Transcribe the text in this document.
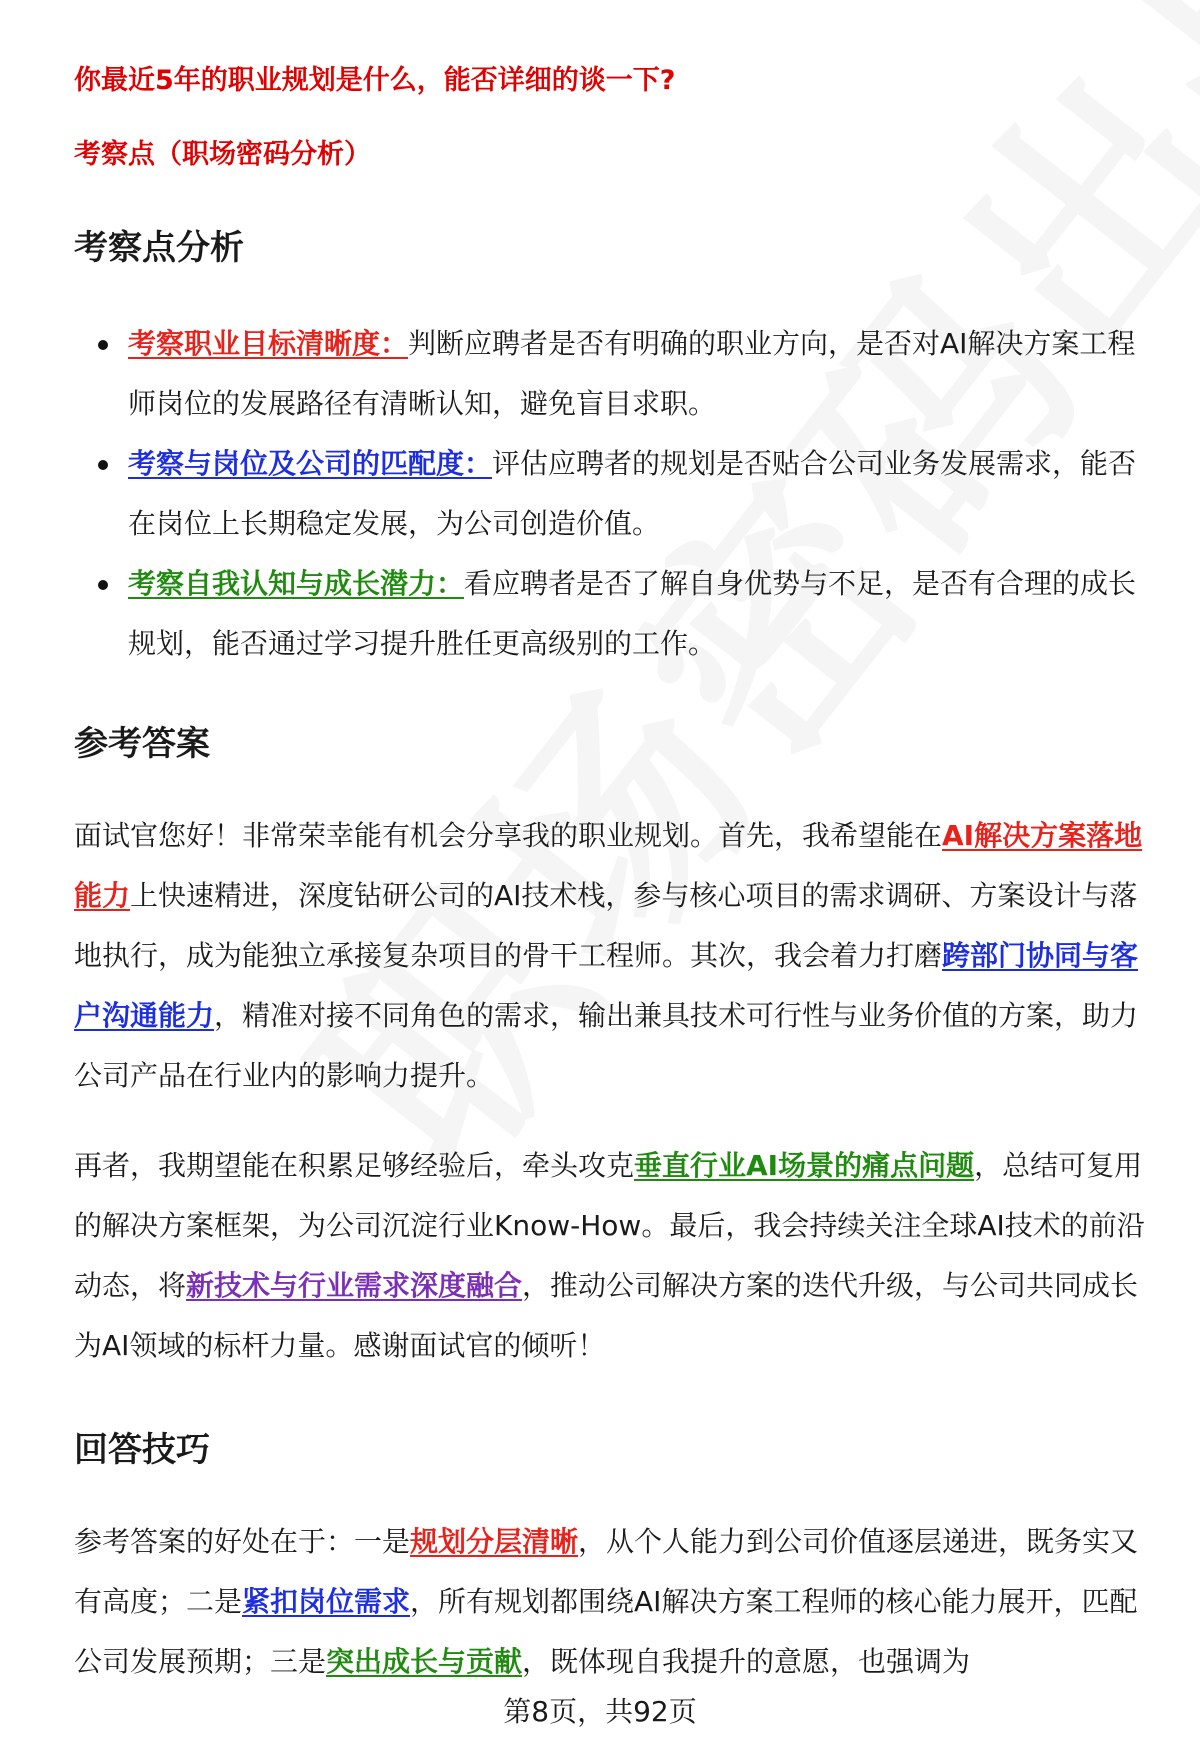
你最近5年的职业规划是什么，能否详细的谈一下?
考察点（职场密码分析）
考察点分析
考察职业目标清晰度：判断应聘者是否有明确的职业方向，是否对AI解决方案工程师岗位的发展路径有清晰认知，避免盲目求职。
考察与岗位及公司的匹配度：评估应聘者的规划是否贴合公司业务发展需求，能否在岗位上长期稳定发展，为公司创造价值。
考察自我认知与成长潜力：看应聘者是否了解自身优势与不足，是否有合理的成长规划，能否通过学习提升胜任更高级别的工作。
参考答案

面试官您好！非常荣幸能有机会分享我的职业规划。首先，我希望能在AI解决方案落地能力上快速精进，深度钻研公司的AI技术栈，参与核心项目的需求调研、方案设计与落地执行，成为能独立承接复杂项目的骨干工程师。其次，我会着力打磨跨部门协同与客户沟通能力，精准对接不同角色的需求，输出兼具技术可行性与业务价值的方案，助力公司产品在行业内的影响力提升。

再者，我期望能在积累足够经验后，牵头攻克垂直行业AI场景的痛点问题，总结可复用的解决方案框架，为公司沉淀行业Know-How。最后，我会持续关注全球AI技术的前沿动态，将新技术与行业需求深度融合，推动公司解决方案的迭代升级，与公司共同成长为AI领域的标杆力量。感谢面试官的倾听！

回答技巧

参考答案的好处在于：一是规划分层清晰，从个人能力到公司价值逐层递进，既务实又有高度；二是紧扣岗位需求，所有规划都围绕AI解决方案工程师的核心能力展开，匹配公司发展预期；三是突出成长与贡献，既体现自我提升的意愿，也强调为

第8页，共92页
